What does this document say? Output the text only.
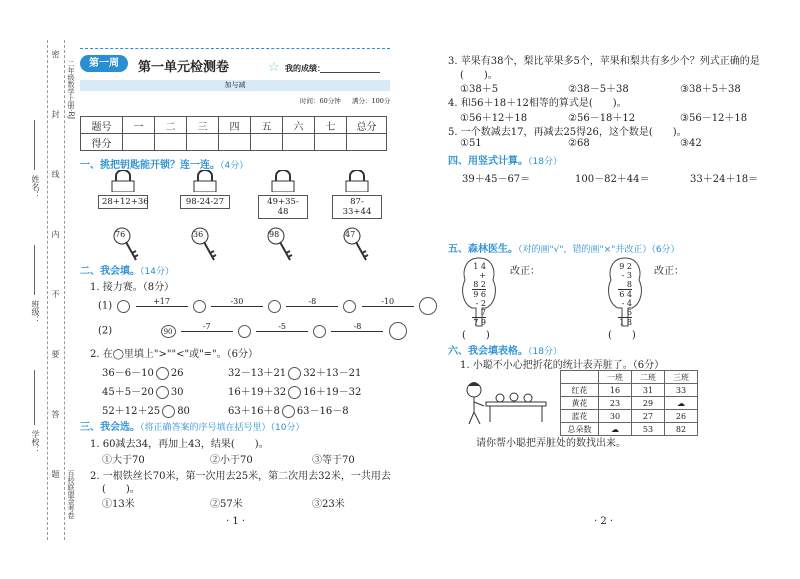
密
封
线
内
不
要
答
题
二年级数学上册·RJ
百校联盟金考卷
姓名：
班级：
学校：
第一周	第一单元检测卷	☆ 我的成绩：
加与减
时间：60分钟 满分：100分
题号	一	二	三	四	五	六	七	总分
得分								
一、挑把钥匙能开锁？连一连。（4分）
28+12+36	98-24-27	49+35-48
87-33+44
76	36	98	47
二、我会填。（14分）
1. 接力赛。（8分）
(1)	+17	-30	-8	-10
(2)	90 -7	-5	-8
2. 在◯里填上">""<"或"="。（6分）
36－6－10 26	32－13＋21 32＋13－21
45＋5－20 30	16＋19＋32 16＋19－32
52＋12＋25 80	63＋16＋8 63－16－8
三、我会选。（将正确答案的序号填在括号里）（10分）
1. 60减去34，再加上43，结果(　　)。
①大于70	②小于70	③等于70
2. 一根铁丝长70米，第一次用去25米，第二次用去32米，一共用去
(　　)。
①13米	②57米	③23米
3. 苹果有38个，梨比苹果多5个，苹果和梨共有多少个？列式正确的是
(　　)。
①38＋5	②38－5＋38	③38＋5＋38
4. 和56＋18＋12相等的算式是(　　)。
①56＋12＋18	②56－18＋12	③56－12＋18
5. 一个数减去17，再减去25得26，这个数是(　　)。
①51	②68	③42
四、用竖式计算。（18分）
39＋45－67＝	100－82＋44＝	33＋24＋18＝
五、森林医生。（对的画"√"，错的画"×"并改正）（6分）
1 4
+ 8 2
9 6
- 2 7
7 9
改正：
(　　)
9 2
- 3 8
6 4
- 4 6
1 8
改正：
(　　)
六、我会填表格。（18分）
1. 小聪不小心把折花的统计表弄脏了。（6分）
	一班	二班	三班
红花	16	31	33
黄花	23	29	☁
蓝花	30	27	26
总朵数	☁	53	82
请你帮小聪把弄脏处的数找出来。
· 1 ·	· 2 ·
